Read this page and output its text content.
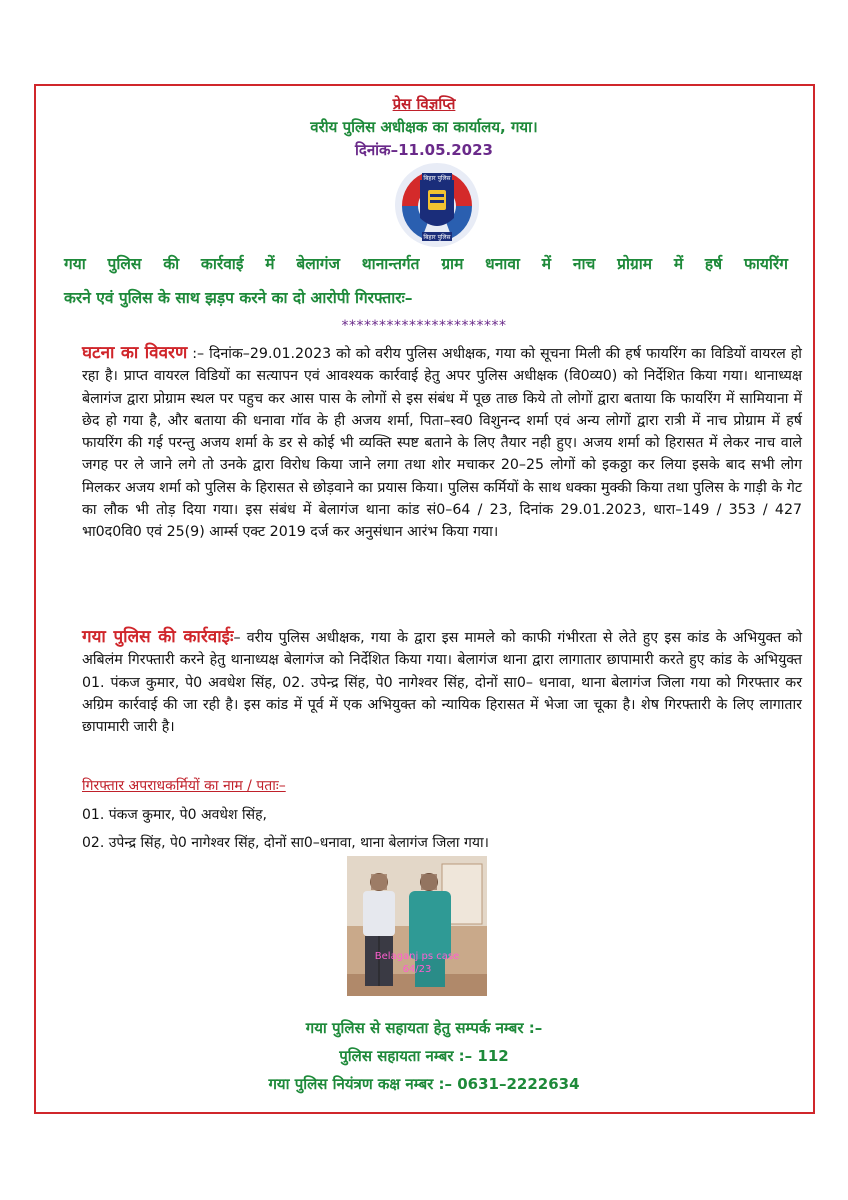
प्रेस विज्ञप्ति
वरीय पुलिस अधीक्षक का कार्यालय, गया।
दिनांक–11.05.2023
बिहार पुलिस
बिहार पुलिस
गया पुलिस की कार्रवाई में बेलागंज थानान्तर्गत ग्राम धनावा में नाच प्रोग्राम में हर्ष फायरिंग
करने एवं पुलिस के साथ झड़प करने का दो आरोपी गिरफ्तारः–
**********************
घटना का विवरण :– दिनांक–29.01.2023 को को वरीय पुलिस अधीक्षक, गया को सूचना मिली की हर्ष फायरिंग का विडियों वायरल हो रहा है। प्राप्त वायरल विडियों का सत्यापन एवं आवश्यक कार्रवाई हेतु अपर पुलिस अधीक्षक (वि0व्य0) को निर्देशित किया गया। थानाध्यक्ष बेलागंज द्वारा प्रोग्राम स्थल पर पहुच कर आस पास के लोगों से इस संबंध में पूछ ताछ किये तो लोगों द्वारा बताया कि फायरिंग में सामियाना में छेद हो गया है, और बताया की धनावा गॉव के ही अजय शर्मा, पिता–स्व0 विशुनन्द शर्मा एवं अन्य लोगों द्वारा रात्री में नाच प्रोग्राम में हर्ष फायरिंग की गई परन्तु अजय शर्मा के डर से कोई भी व्यक्ति स्पष्ट बताने के लिए तैयार नही हुए। अजय शर्मा को हिरासत में लेकर नाच वाले जगह पर ले जाने लगे तो उनके द्वारा विरोध किया जाने लगा तथा शोर मचाकर 20–25 लोगों को इकठ्ठा कर लिया इसके बाद सभी लोग मिलकर अजय शर्मा को पुलिस के हिरासत से छोड़वाने का प्रयास किया। पुलिस कर्मियों के साथ धक्का मुक्की किया तथा पुलिस के गाड़ी के गेट का लौक भी तोड़ दिया गया। इस संबंध में बेलागंज थाना कांड सं0–64 / 23, दिनांक 29.01.2023, धारा–149 / 353 / 427 भा0द0वि0 एवं 25(9) आर्म्स एक्ट 2019 दर्ज कर अनुसंधान आरंभ किया गया।
गया पुलिस की कार्रवाईः– वरीय पुलिस अधीक्षक, गया के द्वारा इस मामले को काफी गंभीरता से लेते हुए इस कांड के अभियुक्त को अबिलंम गिरफ्तारी करने हेतु थानाध्यक्ष बेलागंज को निर्देशित किया गया। बेलागंज थाना द्वारा लागातार छापामारी करते हुए कांड के अभियुक्त 01. पंकज कुमार, पे0 अवधेश सिंह, 02. उपेन्द्र सिंह, पे0 नागेश्वर सिंह, दोनों सा0– धनावा, थाना बेलागंज जिला गया को गिरफ्तार कर अग्रिम कार्रवाई की जा रही है। इस कांड में पूर्व में एक अभियुक्त को न्यायिक हिरासत में भेजा जा चूका है। शेष गिरफ्तारी के लिए लागातार छापामारी जारी है।
गिरफ्तार अपराधकर्मियों का नाम / पताः–
01. पंकज कुमार, पे0 अवधेश सिंह,
02. उपेन्द्र सिंह, पे0 नागेश्वर सिंह, दोनों सा0–धनावा, थाना बेलागंज जिला गया।
Belaganj ps case
64/23
गया पुलिस से सहायता हेतु सम्पर्क नम्बर :–
पुलिस सहायता नम्बर :– 112
गया पुलिस नियंत्रण कक्ष नम्बर :– 0631–2222634
